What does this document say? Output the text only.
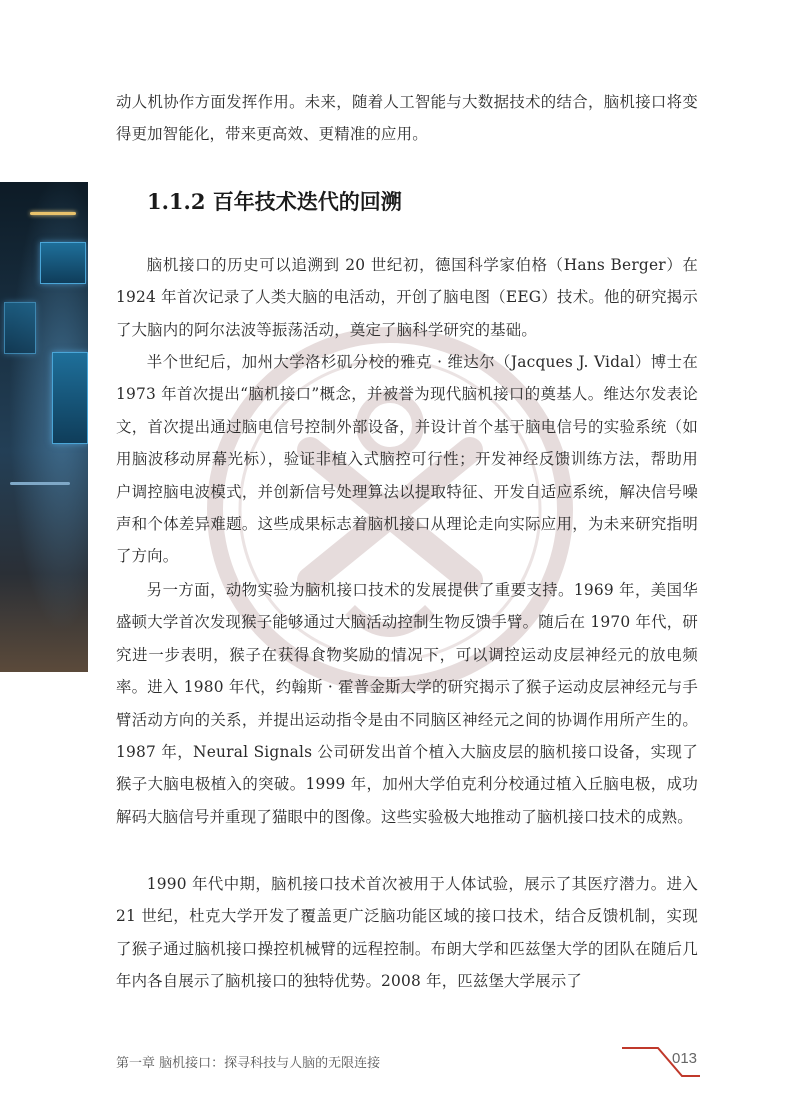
动人机协作方面发挥作用。未来，随着人工智能与大数据技术的结合，脑机接口将变得更加智能化，带来更高效、更精准的应用。
1.1.2 百年技术迭代的回溯
脑机接口的历史可以追溯到 20 世纪初，德国科学家伯格（Hans Berger）在 1924 年首次记录了人类大脑的电活动，开创了脑电图（EEG）技术。他的研究揭示了大脑内的阿尔法波等振荡活动，奠定了脑科学研究的基础。
半个世纪后，加州大学洛杉矶分校的雅克 · 维达尔（Jacques J. Vidal）博士在 1973 年首次提出“脑机接口”概念，并被誉为现代脑机接口的奠基人。维达尔发表论文，首次提出通过脑电信号控制外部设备，并设计首个基于脑电信号的实验系统（如用脑波移动屏幕光标），验证非植入式脑控可行性；开发神经反馈训练方法，帮助用户调控脑电波模式，并创新信号处理算法以提取特征、开发自适应系统，解决信号噪声和个体差异难题。这些成果标志着脑机接口从理论走向实际应用，为未来研究指明了方向。
另一方面，动物实验为脑机接口技术的发展提供了重要支持。1969 年，美国华盛顿大学首次发现猴子能够通过大脑活动控制生物反馈手臂。随后在 1970 年代，研究进一步表明，猴子在获得食物奖励的情况下，可以调控运动皮层神经元的放电频率。进入 1980 年代，约翰斯 · 霍普金斯大学的研究揭示了猴子运动皮层神经元与手臂活动方向的关系，并提出运动指令是由不同脑区神经元之间的协调作用所产生的。1987 年，Neural Signals 公司研发出首个植入大脑皮层的脑机接口设备，实现了猴子大脑电极植入的突破。1999 年，加州大学伯克利分校通过植入丘脑电极，成功解码大脑信号并重现了猫眼中的图像。这些实验极大地推动了脑机接口技术的成熟。
1990 年代中期，脑机接口技术首次被用于人体试验，展示了其医疗潜力。进入 21 世纪，杜克大学开发了覆盖更广泛脑功能区域的接口技术，结合反馈机制，实现了猴子通过脑机接口操控机械臂的远程控制。布朗大学和匹兹堡大学的团队在随后几年内各自展示了脑机接口的独特优势。2008 年，匹兹堡大学展示了
第一章 脑机接口：探寻科技与人脑的无限连接	013
